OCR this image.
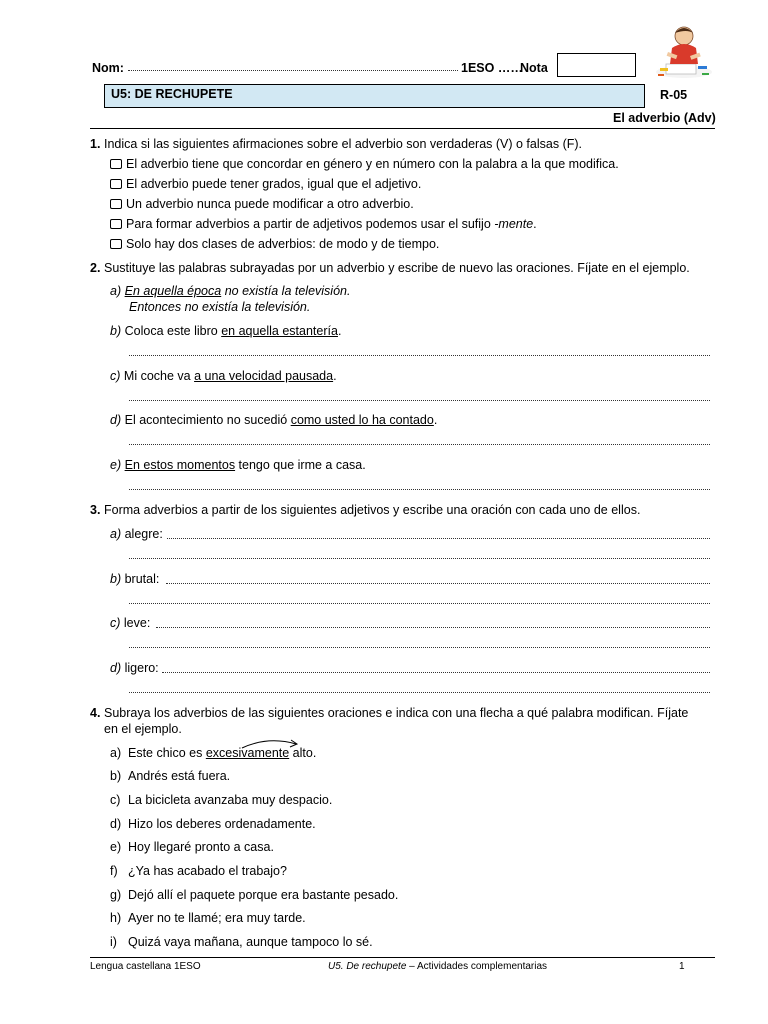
Nom:	1ESO ……
Nota
U5: DE RECHUPETE	R-05
El adverbio (Adv)
1. Indica si las siguientes afirmaciones sobre el adverbio son verdaderas (V) o falsas (F).
El adverbio tiene que concordar en género y en número con la palabra a la que modifica.
El adverbio puede tener grados, igual que el adjetivo.
Un adverbio nunca puede modificar a otro adverbio.
Para formar adverbios a partir de adjetivos podemos usar el sufijo -mente.
Solo hay dos clases de adverbios: de modo y de tiempo.
2. Sustituye las palabras subrayadas por un adverbio y escribe de nuevo las oraciones. Fíjate en el ejemplo.
a) En aquella época no existía la televisión.
Entonces no existía la televisión.
b) Coloca este libro en aquella estantería.
c) Mi coche va a una velocidad pausada.
d) El acontecimiento no sucedió como usted lo ha contado.
e) En estos momentos tengo que irme a casa.
3. Forma adverbios a partir de los siguientes adjetivos y escribe una oración con cada uno de ellos.
a) alegre:
b) brutal:
c) leve:
d) ligero:
4. Subraya los adverbios de las siguientes oraciones e indica con una flecha a qué palabra modifican. Fíjate
en el ejemplo.
a) Este chico es excesivamente alto.
b) Andrés está fuera.
c) La bicicleta avanzaba muy despacio.
d) Hizo los deberes ordenadamente.
e) Hoy llegaré pronto a casa.
f) ¿Ya has acabado el trabajo?
g) Dejó allí el paquete porque era bastante pesado.
h) Ayer no te llamé; era muy tarde.
i) Quizá vaya mañana, aunque tampoco lo sé.
Lengua castellana 1ESO	U5. De rechupete – Actividades complementarias	1
